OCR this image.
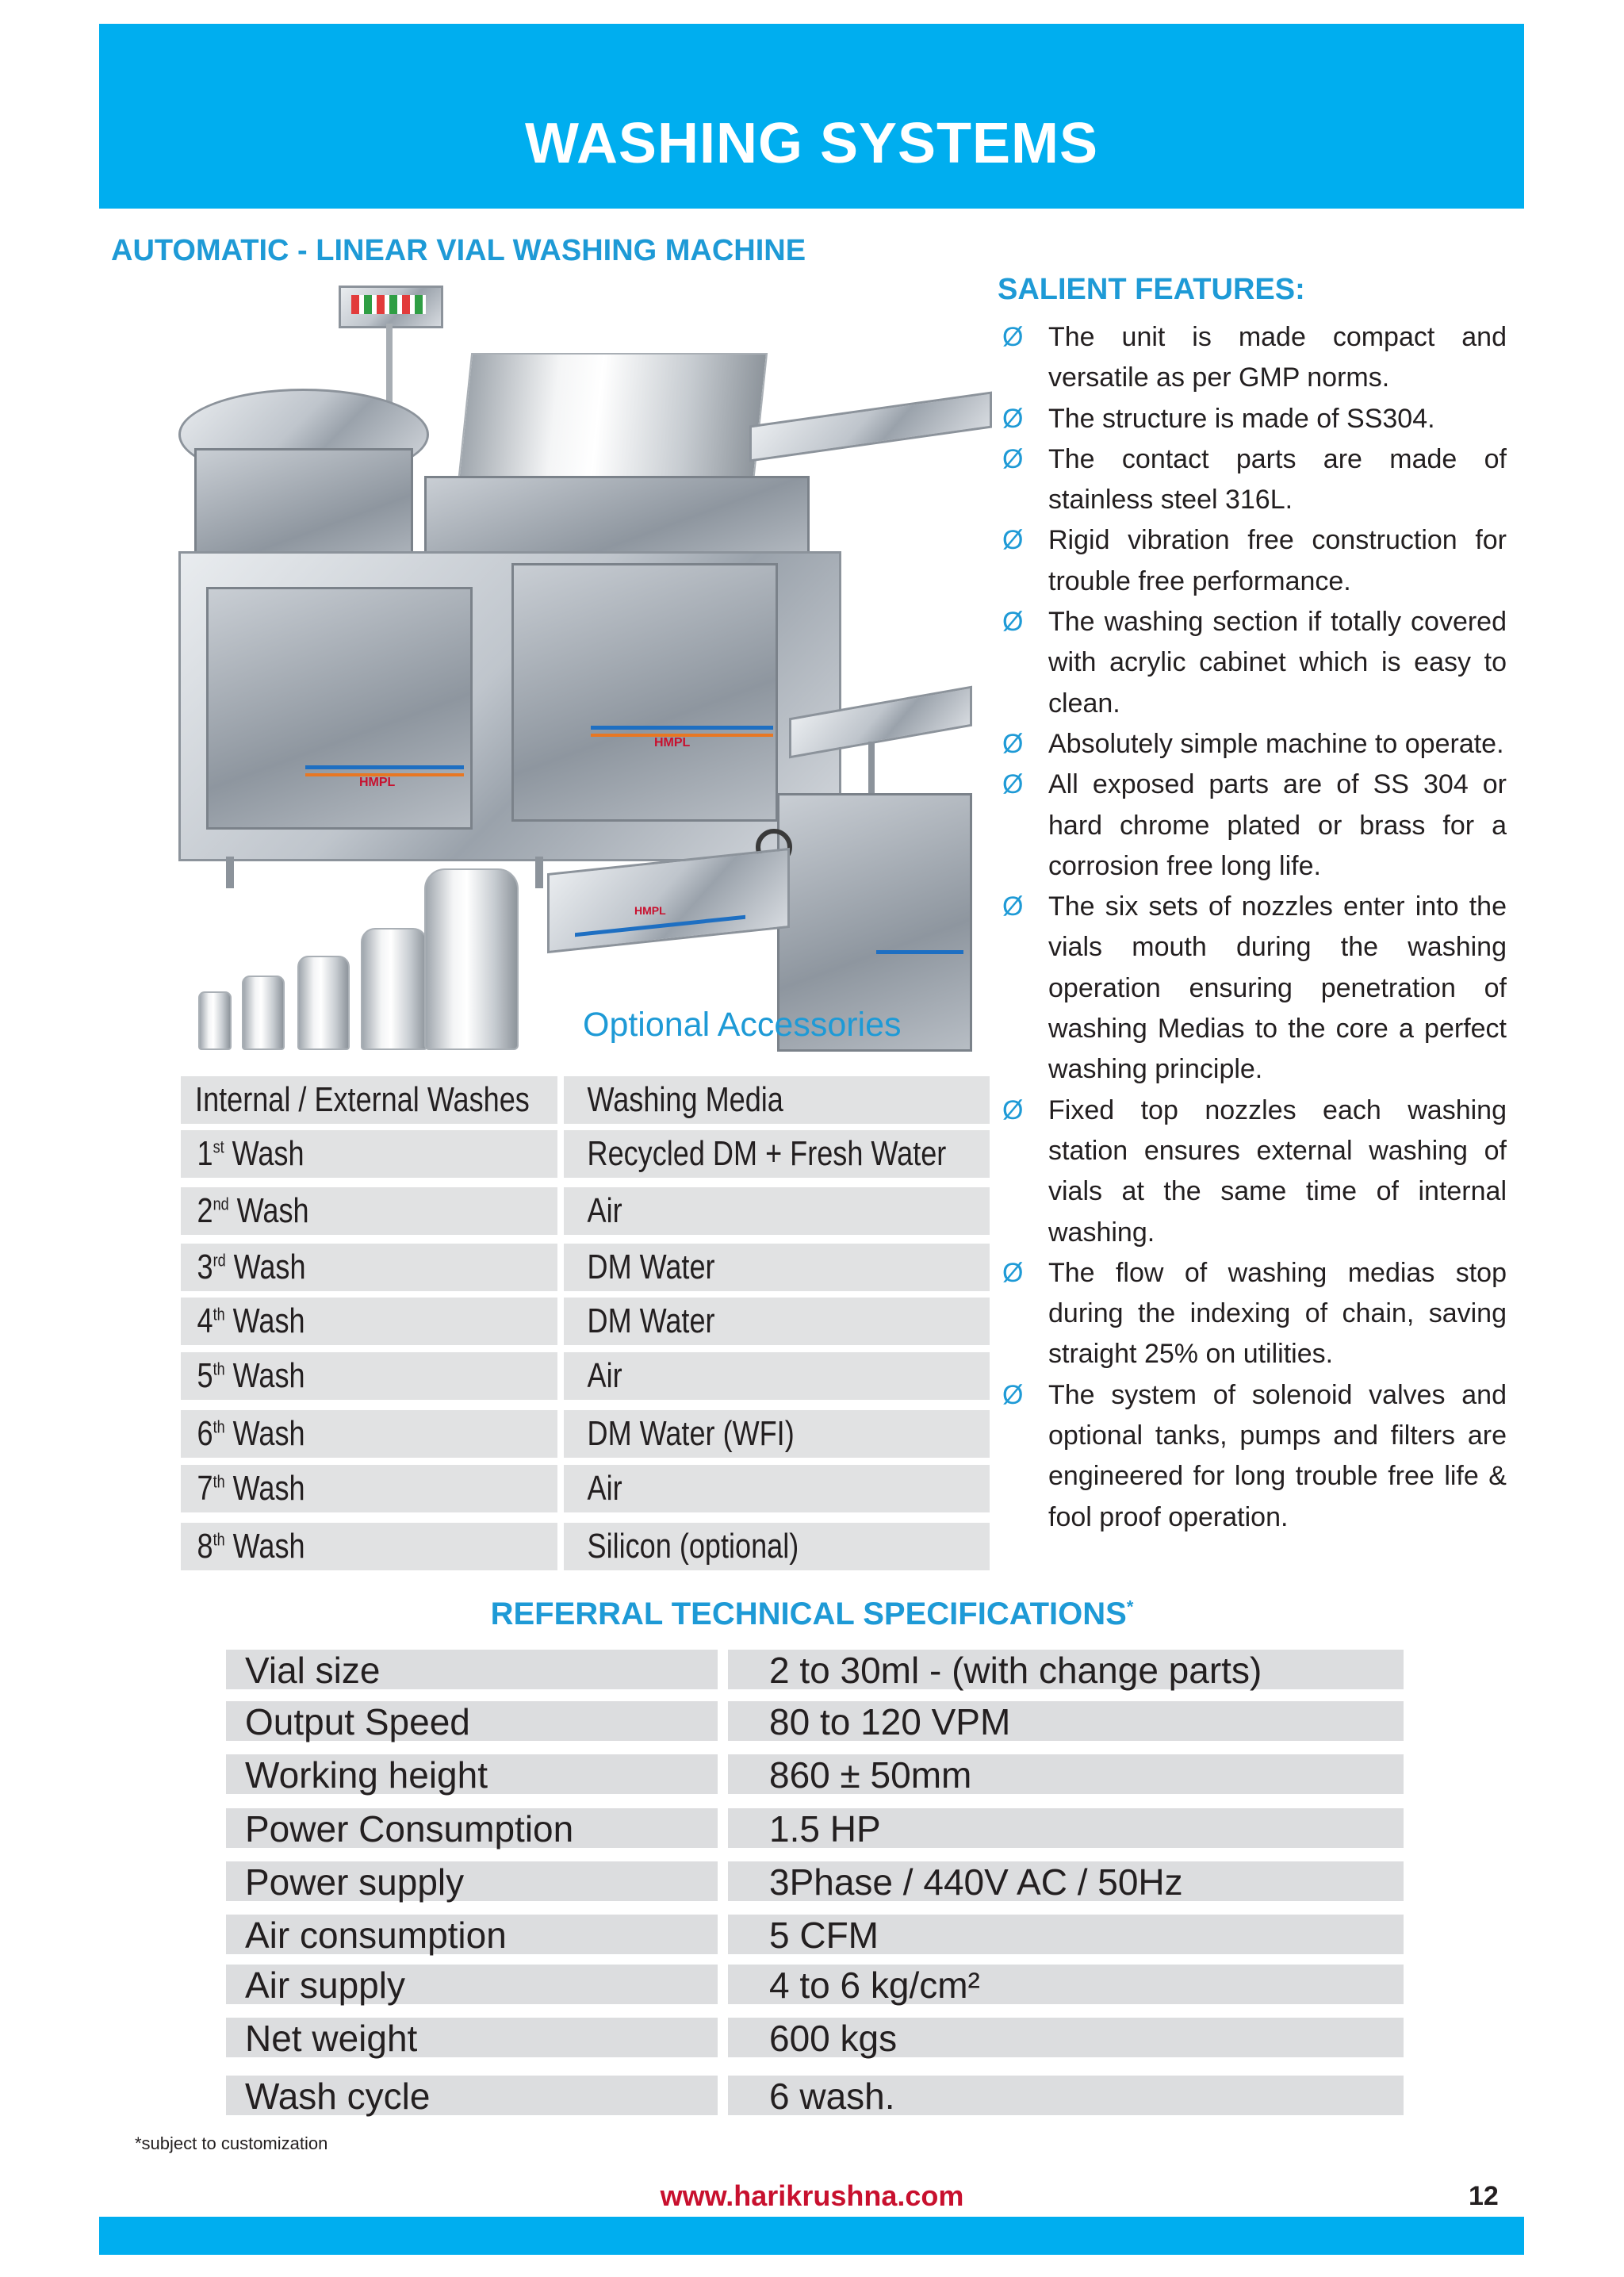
WASHING SYSTEMS
AUTOMATIC - LINEAR VIAL WASHING MACHINE
SALIENT FEATURES:
HMPL
HMPL
HMPL
Optional Accessories
Internal / External Washes	Washing Media
1st Wash	Recycled DM + Fresh Water
2nd Wash	Air
3rd Wash	DM Water
4th Wash	DM Water
5th Wash	Air
6th Wash	DM Water (WFI)
7th Wash	Air
8th Wash	Silicon (optional)
Ø The unit is made compact and versatile as per GMP norms.
Ø The structure is made of SS304.
Ø The contact parts are made of stainless steel 316L.
Ø Rigid vibration free construction for trouble free performance.
Ø The washing section if totally covered with acrylic cabinet which is easy to clean.
Ø Absolutely simple machine to operate.
Ø All exposed parts are of SS 304 or hard chrome plated or brass for a corrosion free long life.
Ø The six sets of nozzles enter into the vials mouth during the washing operation ensuring penetration of washing Medias to the core a perfect washing principle.
Ø Fixed top nozzles each washing station ensures external washing of vials at the same time of internal washing.
Ø The flow of washing medias stop during the indexing of chain, saving straight 25% on utilities.
Ø The system of solenoid valves and optional tanks, pumps and filters are engineered for long trouble free life & fool proof operation.
REFERRAL TECHNICAL SPECIFICATIONS*
Vial size	2 to 30ml - (with change parts)
Output Speed	80 to 120 VPM
Working height	860 ± 50mm
Power Consumption	1.5 HP
Power supply	3Phase / 440V AC / 50Hz
Air consumption	5 CFM
Air supply	4 to 6 kg/cm²
Net weight	600 kgs
Wash cycle	6 wash.
*subject to customization
www.harikrushna.com	12
